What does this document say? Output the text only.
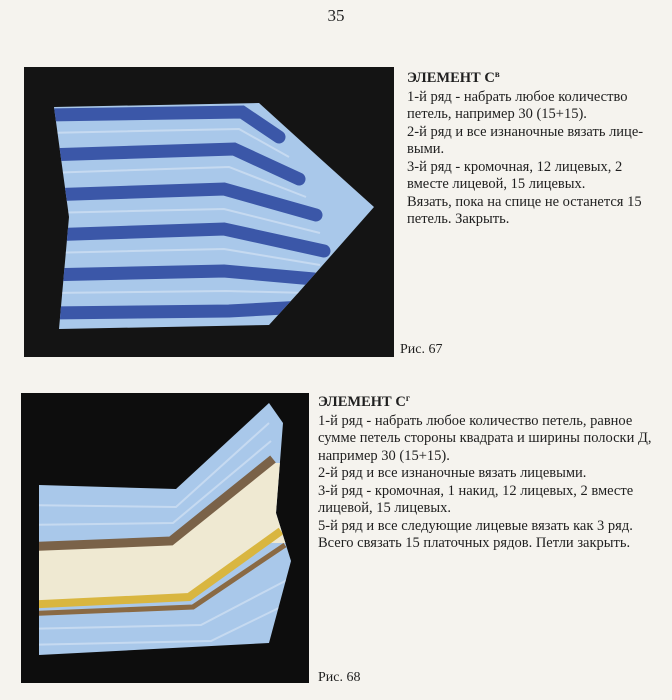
35
Рис. 67
ЭЛЕМЕНТ $С^в$

1-й ряд - набрать любое количество петель, например 30 (15+15).

2-й ряд и все изнаночные вязать лице-выми.

3-й ряд - кромочная, 12 лицевых, 2 вместе лицевой, 15 лицевых.

Вязать, пока на спице не останется 15 петель. Закрыть.

Рис. 68
ЭЛЕМЕНТ $С^г$

1-й ряд - набрать любое количество петель, равное сумме петель стороны квадрата и ширины полоски Д, например 30 (15+15).

2-й ряд и все изнаночные вязать лицевыми.

3-й ряд - кромочная, 1 накид, 12 лицевых, 2 вместе лицевой, 15 лицевых.

5-й ряд и все следующие лицевые вязать как 3 ряд.

Всего связать 15 платочных рядов. Петли закрыть.
